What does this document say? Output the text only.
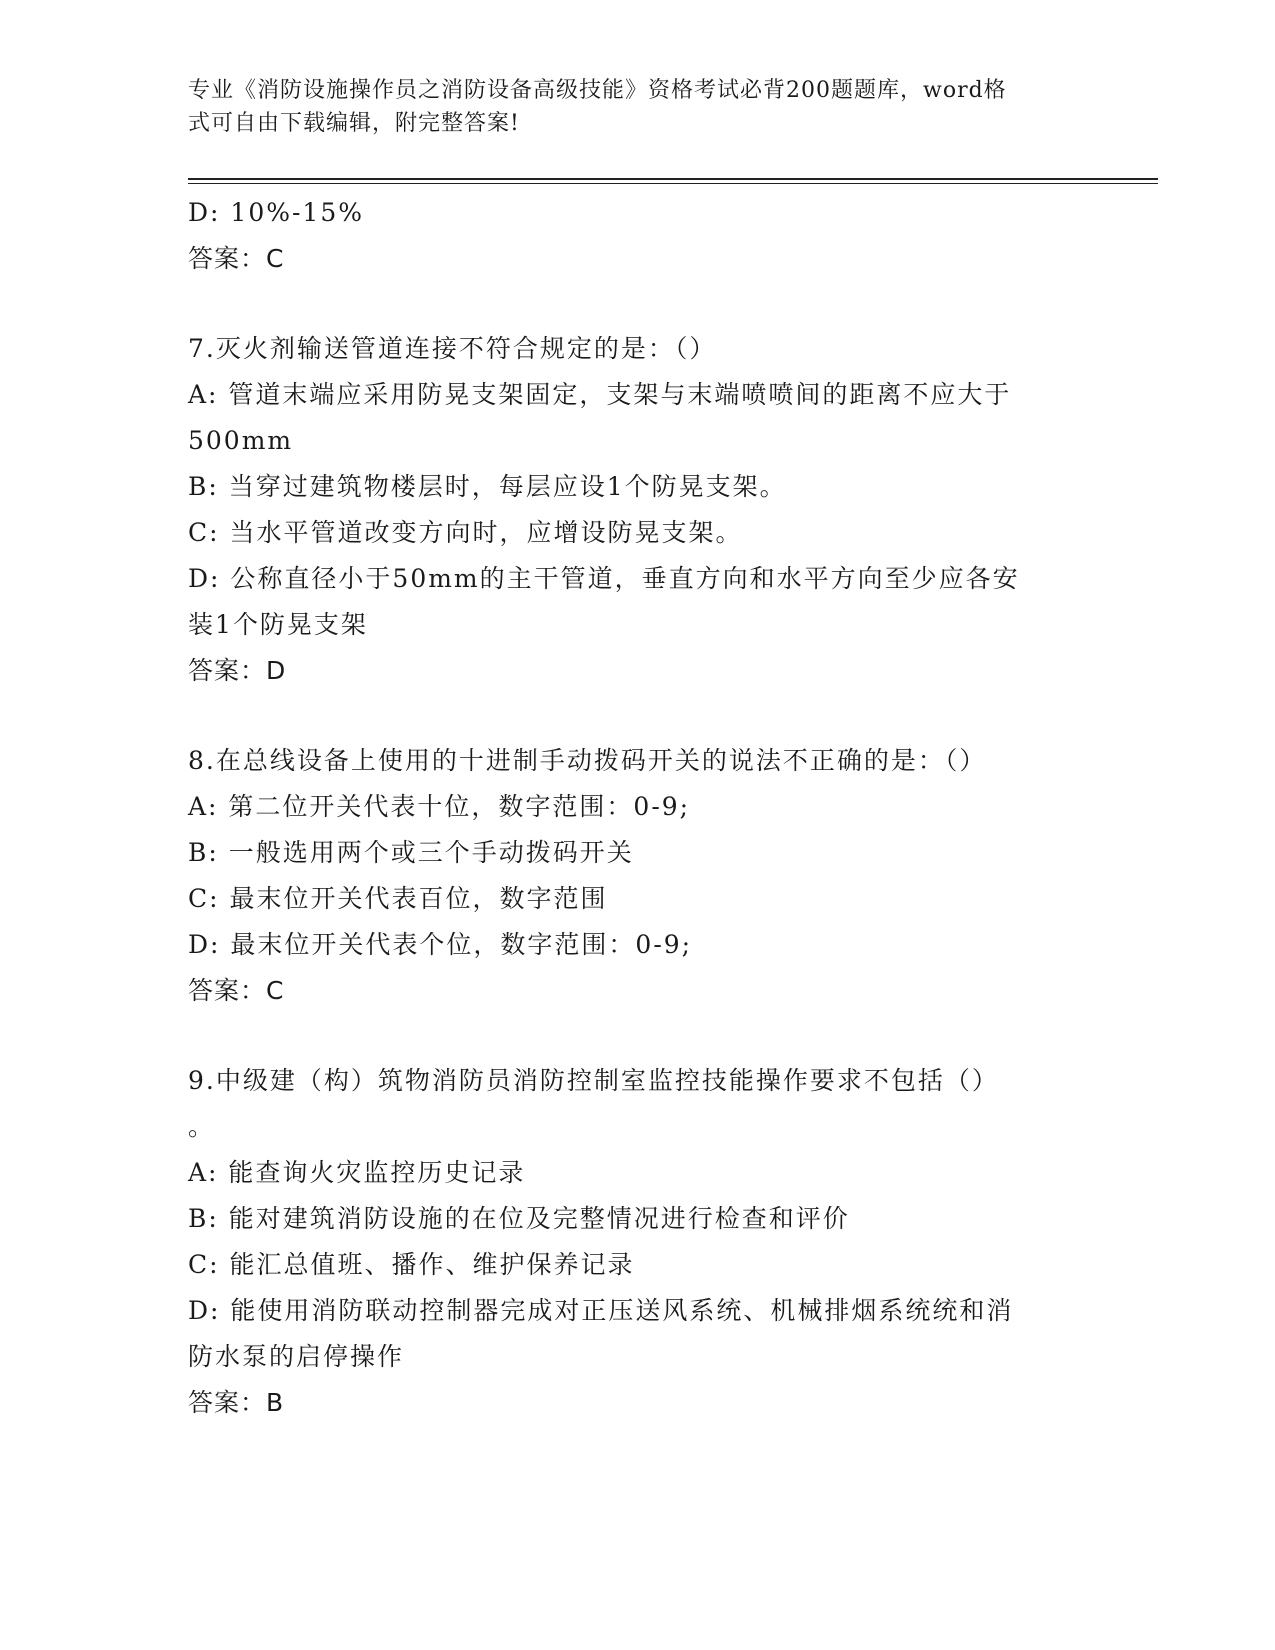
专业《消防设施操作员之消防设备高级技能》资格考试必背200题题库，word格
式可自由下载编辑，附完整答案!
D: 10%-15%
答案：C
7.灭火剂输送管道连接不符合规定的是：（）
A: 管道末端应采用防晃支架固定，支架与末端喷喷间的距离不应大于
500mm
B: 当穿过建筑物楼层时，每层应设1个防晃支架。
C: 当水平管道改变方向时，应增设防晃支架。
D: 公称直径小于50mm的主干管道，垂直方向和水平方向至少应各安
装1个防晃支架
答案：D
8.在总线设备上使用的十进制手动拨码开关的说法不正确的是：（）
A: 第二位开关代表十位，数字范围：0-9;
B: 一般选用两个或三个手动拨码开关
C: 最末位开关代表百位，数字范围
D: 最末位开关代表个位，数字范围：0-9;
答案：C
9.中级建（构）筑物消防员消防控制室监控技能操作要求不包括（）
。
A: 能查询火灾监控历史记录
B: 能对建筑消防设施的在位及完整情况进行检查和评价
C: 能汇总值班、播作、维护保养记录
D: 能使用消防联动控制器完成对正压送风系统、机械排烟系统统和消
防水泵的启停操作
答案：B
